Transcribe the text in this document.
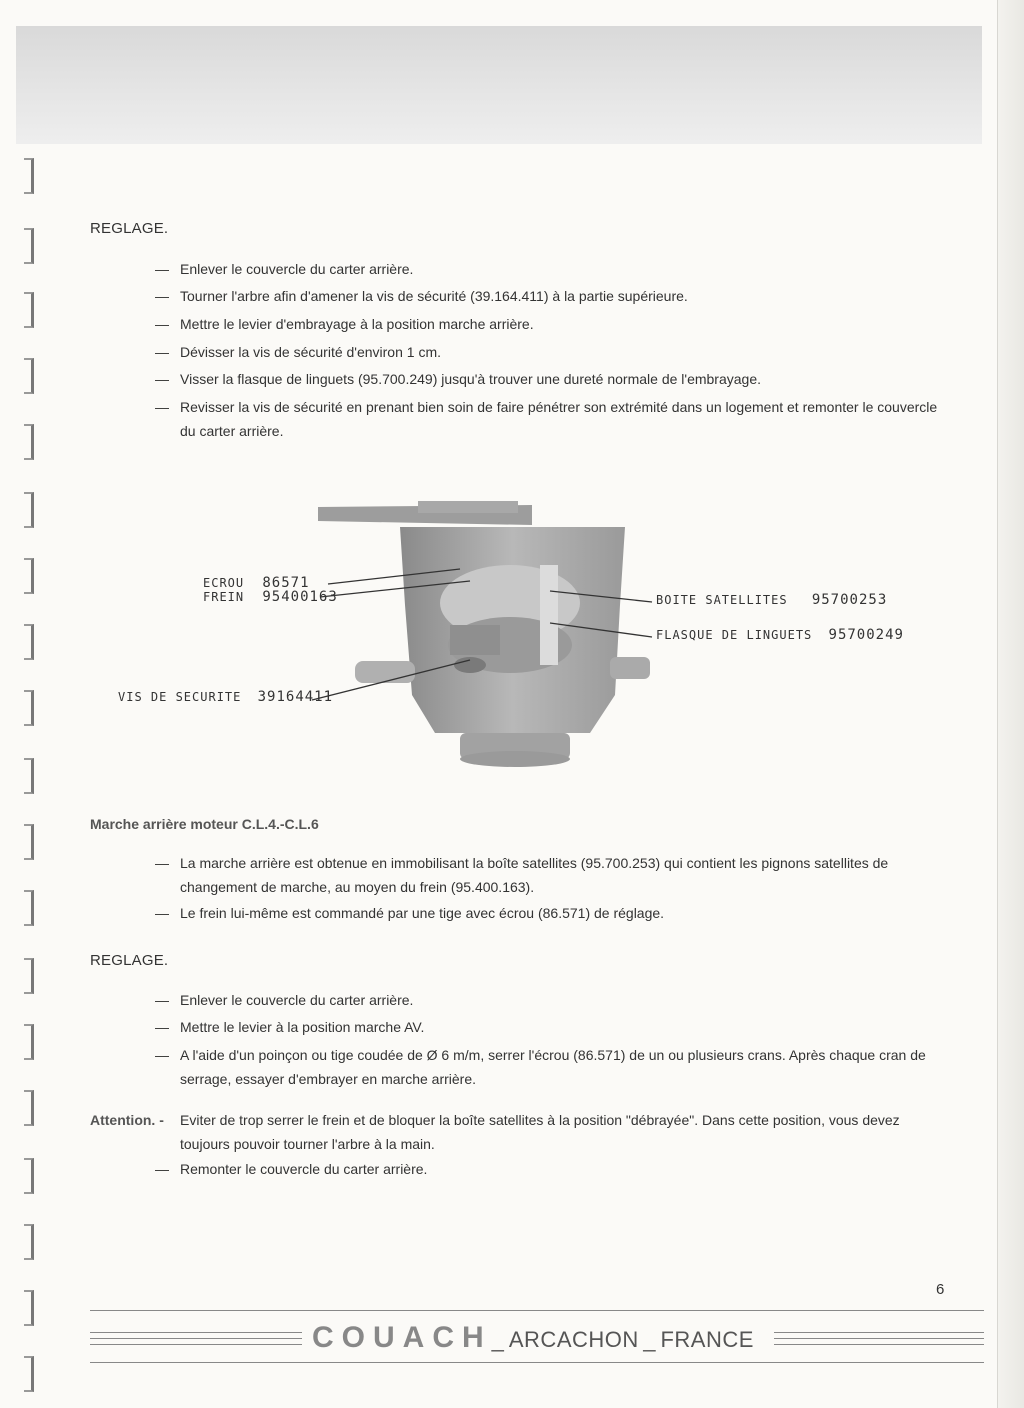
REGLAGE.
— Enlever le couvercle du carter arrière.
— Tourner l'arbre afin d'amener la vis de sécurité (39.164.411) à la partie supérieure.
— Mettre le levier d'embrayage à la position marche arrière.
— Dévisser la vis de sécurité d'environ 1 cm.
— Visser la flasque de linguets (95.700.249) jusqu'à trouver une dureté normale de l'embrayage.
— Revisser la vis de sécurité en prenant bien soin de faire pénétrer son extrémité dans un logement et remonter le couvercle du carter arrière.
ECROU 86571
FREIN 95400163
VIS DE SECURITE 39164411
BOITE SATELLITES 95700253
FLASQUE DE LINGUETS 95700249
Marche arrière moteur C.L.4.-C.L.6
— La marche arrière est obtenue en immobilisant la boîte satellites (95.700.253) qui contient les pignons satellites de changement de marche, au moyen du frein (95.400.163).
— Le frein lui-même est commandé par une tige avec écrou (86.571) de réglage.
REGLAGE.
— Enlever le couvercle du carter arrière.
— Mettre le levier à la position marche AV.
— A l'aide d'un poinçon ou tige coudée de Ø 6 m/m, serrer l'écrou (86.571) de un ou plusieurs crans. Après chaque cran de serrage, essayer d'embrayer en marche arrière.
Attention. - Eviter de trop serrer le frein et de bloquer la boîte satellites à la position "débrayée". Dans cette position, vous devez toujours pouvoir tourner l'arbre à la main.
— Remonter le couvercle du carter arrière.
6
COUACH_ ARCACHON _ FRANCE
